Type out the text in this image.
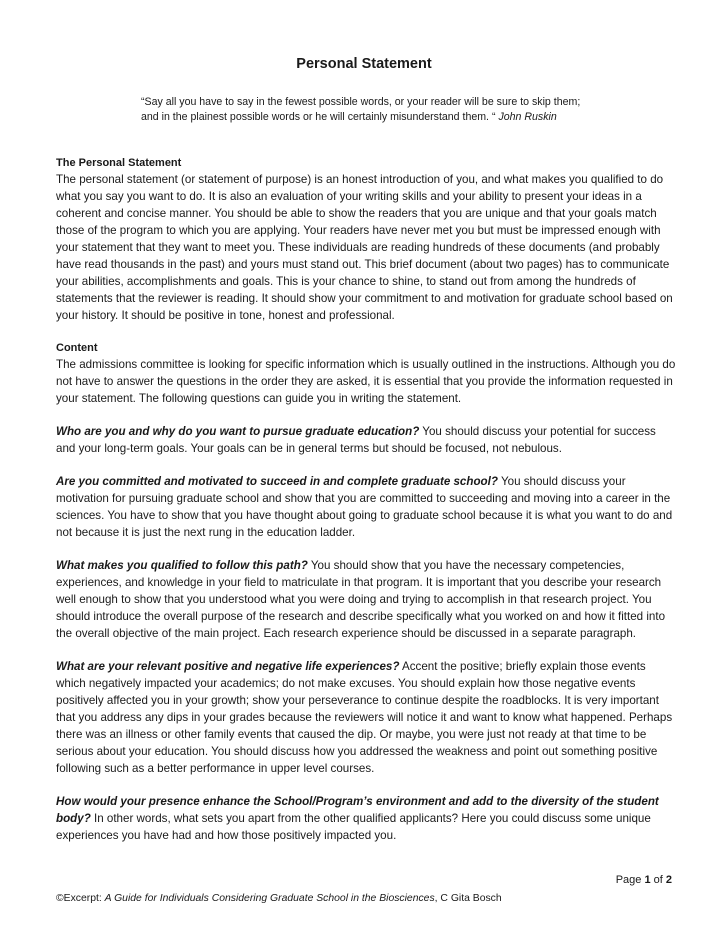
Personal Statement
“Say all you have to say in the fewest possible words, or your reader will be sure to skip them; and in the plainest possible words or he will certainly misunderstand them. “ John Ruskin

The Personal Statement

The personal statement (or statement of purpose) is an honest introduction of you, and what makes you qualified to do what you say you want to do. It is also an evaluation of your writing skills and your ability to present your ideas in a coherent and concise manner. You should be able to show the readers that you are unique and that your goals match those of the program to which you are applying. Your readers have never met you but must be impressed enough with your statement that they want to meet you. These individuals are reading hundreds of these documents (and probably have read thousands in the past) and yours must stand out. This brief document (about two pages) has to communicate your abilities, accomplishments and goals. This is your chance to shine, to stand out from among the hundreds of statements that the reviewer is reading. It should show your commitment to and motivation for graduate school based on your history. It should be positive in tone, honest and professional.

Content

The admissions committee is looking for specific information which is usually outlined in the instructions. Although you do not have to answer the questions in the order they are asked, it is essential that you provide the information requested in your statement. The following questions can guide you in writing the statement.

Who are you and why do you want to pursue graduate education? You should discuss your potential for success and your long-term goals. Your goals can be in general terms but should be focused, not nebulous.

Are you committed and motivated to succeed in and complete graduate school? You should discuss your motivation for pursuing graduate school and show that you are committed to succeeding and moving into a career in the sciences. You have to show that you have thought about going to graduate school because it is what you want to do and not because it is just the next rung in the education ladder.

What makes you qualified to follow this path? You should show that you have the necessary competencies, experiences, and knowledge in your field to matriculate in that program. It is important that you describe your research well enough to show that you understood what you were doing and trying to accomplish in that research project. You should introduce the overall purpose of the research and describe specifically what you worked on and how it fitted into the overall objective of the main project. Each research experience should be discussed in a separate paragraph.

What are your relevant positive and negative life experiences? Accent the positive; briefly explain those events which negatively impacted your academics; do not make excuses. You should explain how those negative events positively affected you in your growth; show your perseverance to continue despite the roadblocks. It is very important that you address any dips in your grades because the reviewers will notice it and want to know what happened. Perhaps there was an illness or other family events that caused the dip. Or maybe, you were just not ready at that time to be serious about your education. You should discuss how you addressed the weakness and point out something positive following such as a better performance in upper level courses.

How would your presence enhance the School/Program’s environment and add to the diversity of the student body? In other words, what sets you apart from the other qualified applicants? Here you could discuss some unique experiences you have had and how those positively impacted you.

Page 1 of 2
©Excerpt: A Guide for Individuals Considering Graduate School in the Biosciences, C Gita Bosch
